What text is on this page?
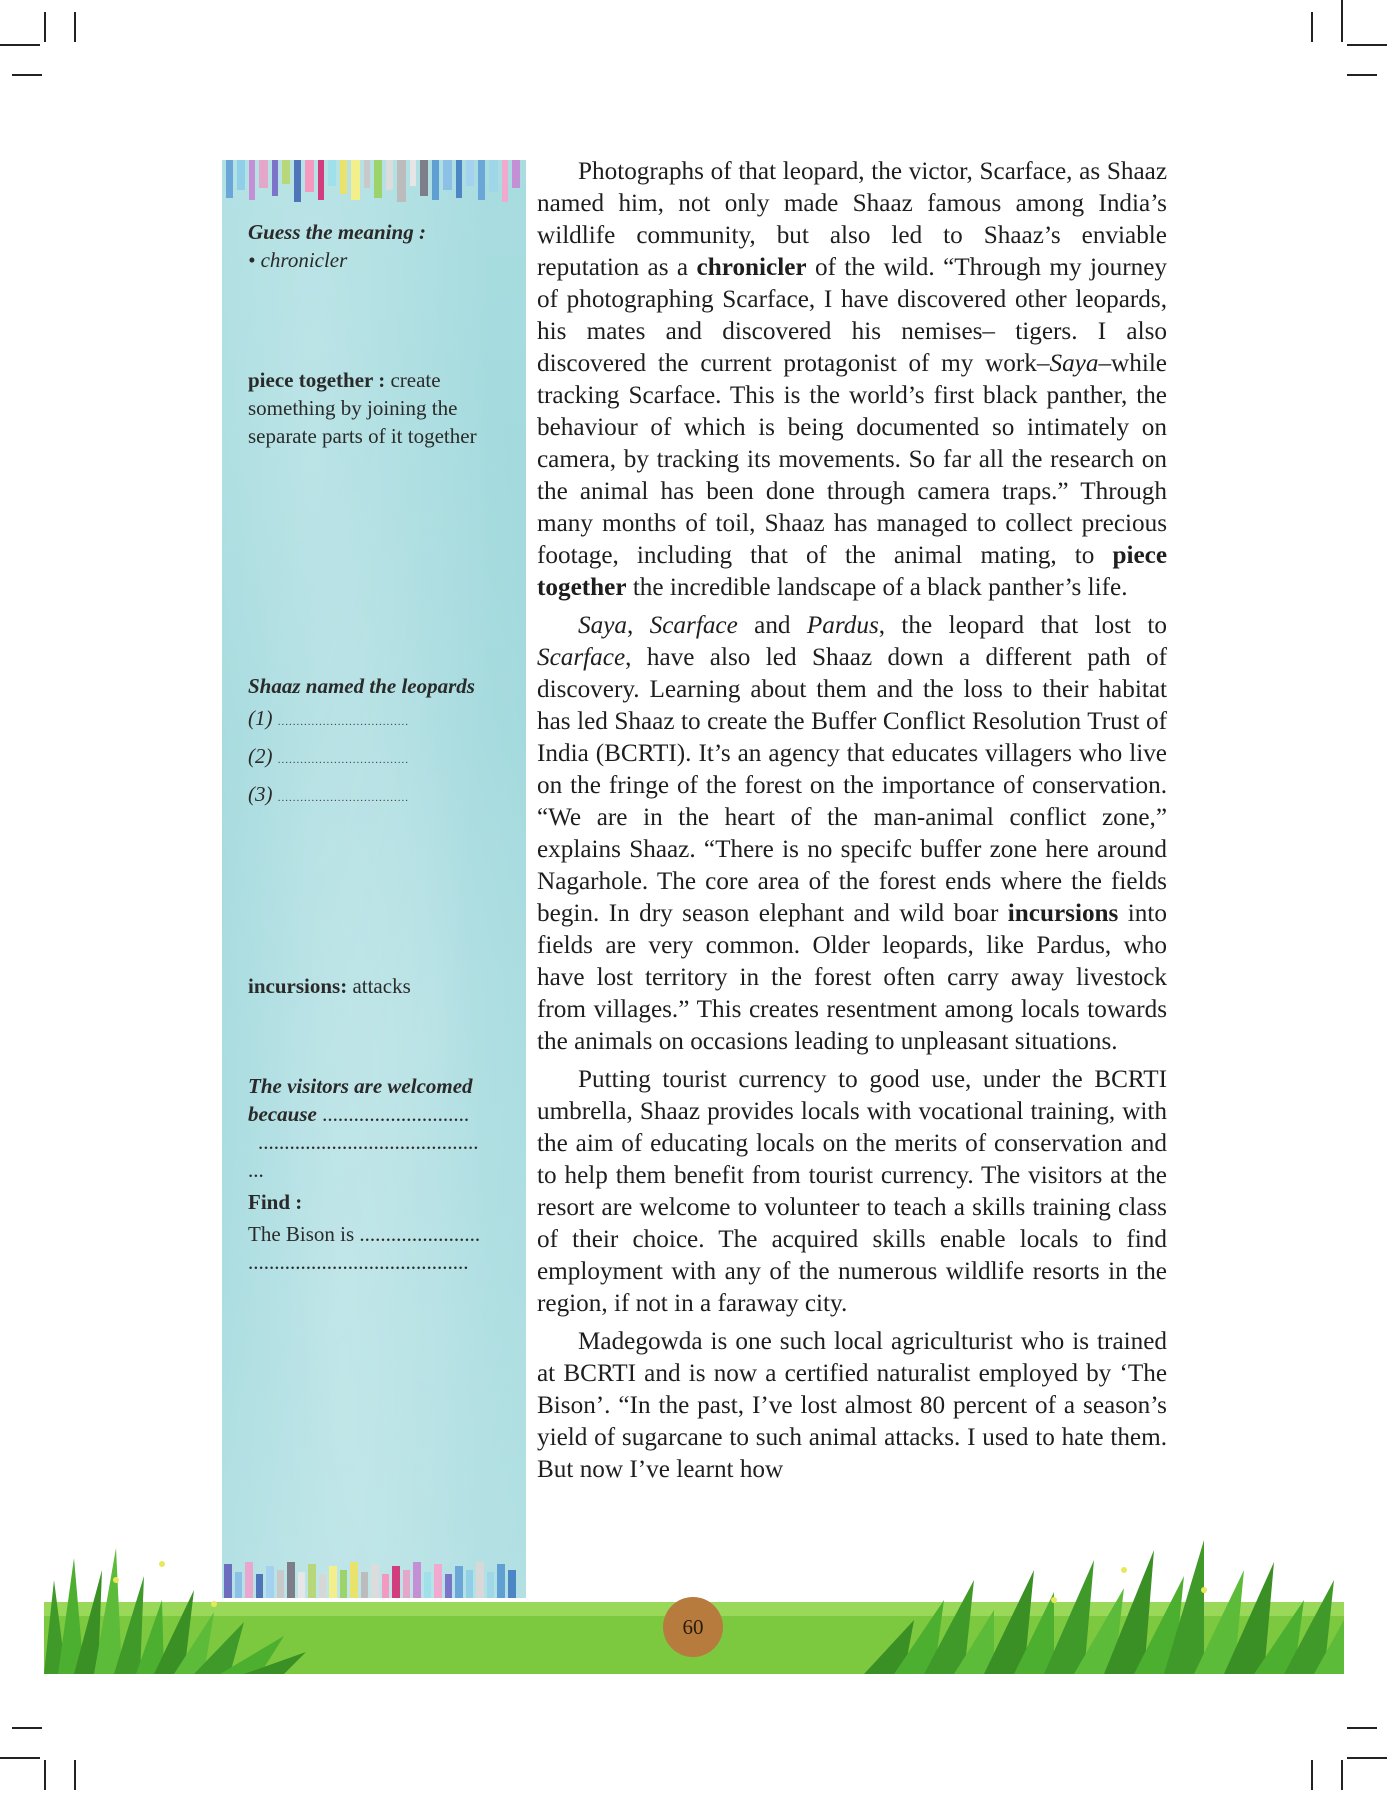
Guess the meaning :
• chronicler
piece together : create
something by joining the
separate parts of it together
Shaaz named the leopards
(1) ...................................
(2) ...................................
(3) ...................................
incursions: attacks
The visitors are welcomed because ............................
..........................................
...
Find :
The Bison is .......................
..........................................

Photographs of that leopard, the victor, Scarface, as Shaaz named him, not only made Shaaz famous among India’s wildlife community, but also led to Shaaz’s enviable reputation as a chronicler of the wild. “Through my journey of photographing Scarface, I have discovered other leopards, his mates and discovered his nemises– tigers. I also discovered the current protagonist of my work–Saya–while tracking Scarface. This is the world’s first black panther, the behaviour of which is being documented so intimately on camera, by tracking its movements. So far all the research on the animal has been done through camera traps.” Through many months of toil, Shaaz has managed to collect precious footage, including that of the animal mating, to piece together the incredible landscape of a black panther’s life.

Saya, Scarface and Pardus, the leopard that lost to Scarface, have also led Shaaz down a different path of discovery. Learning about them and the loss to their habitat has led Shaaz to create the Buffer Conflict Resolution Trust of India (BCRTI). It’s an agency that educates villagers who live on the fringe of the forest on the importance of conservation. “We are in the heart of the man-animal conflict zone,” explains Shaaz. “There is no specifc buffer zone here around Nagarhole. The core area of the forest ends where the fields begin. In dry season elephant and wild boar incursions into fields are very common. Older leopards, like Pardus, who have lost territory in the forest often carry away livestock from villages.” This creates resentment among locals towards the animals on occasions leading to unpleasant situations.

Putting tourist currency to good use, under the BCRTI umbrella, Shaaz provides locals with vocational training, with the aim of educating locals on the merits of conservation and to help them benefit from tourist currency. The visitors at the resort are welcome to volunteer to teach a skills training class of their choice. The acquired skills enable locals to find employment with any of the numerous wildlife resorts in the region, if not in a faraway city.

Madegowda is one such local agriculturist who is trained at BCRTI and is now a certified naturalist employed by ‘The Bison’. “In the past, I’ve lost almost 80 percent of a season’s yield of sugarcane to such animal attacks. I used to hate them. But now I’ve learnt how

60
